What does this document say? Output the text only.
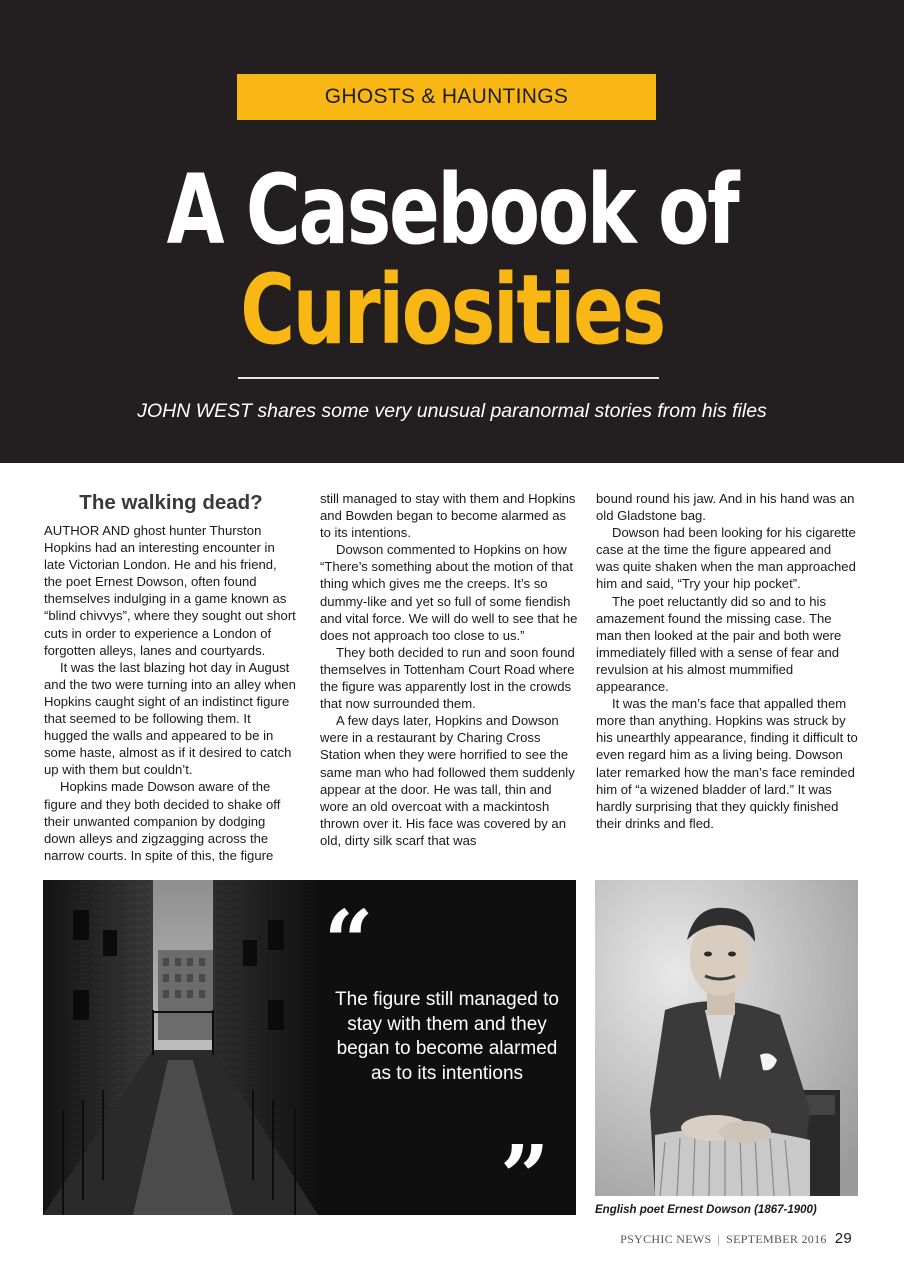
GHOSTS & HAUNTINGS
A Casebook of
Curiosities
JOHN WEST shares some very unusual paranormal stories from his files
The walking dead?

AUTHOR AND ghost hunter Thurston Hopkins had an interesting encounter in late Victorian London. He and his friend, the poet Ernest Dowson, often found themselves indulging in a game known as “blind chivvys”, where they sought out short cuts in order to experience a London of forgotten alleys, lanes and courtyards.

It was the last blazing hot day in August and the two were turning into an alley when Hopkins caught sight of an indistinct figure that seemed to be following them. It hugged the walls and appeared to be in some haste, almost as if it desired to catch up with them but couldn’t.

Hopkins made Dowson aware of the figure and they both decided to shake off their unwanted companion by dodging down alleys and zigzagging across the narrow courts. In spite of this, the figure

still managed to stay with them and Hopkins and Bowden began to become alarmed as to its intentions.

Dowson commented to Hopkins on how “There’s something about the motion of that thing which gives me the creeps. It’s so dummy-like and yet so full of some fiendish and vital force. We will do well to see that he does not approach too close to us.”

They both decided to run and soon found themselves in Tottenham Court Road where the figure was apparently lost in the crowds that now surrounded them.

A few days later, Hopkins and Dowson were in a restaurant by Charing Cross Station when they were horrified to see the same man who had followed them suddenly appear at the door. He was tall, thin and wore an old overcoat with a mackintosh thrown over it. His face was covered by an old, dirty silk scarf that was

bound round his jaw. And in his hand was an old Gladstone bag.

Dowson had been looking for his cigarette case at the time the figure appeared and was quite shaken when the man approached him and said, “Try your hip pocket”.

The poet reluctantly did so and to his amazement found the missing case. The man then looked at the pair and both were immediately filled with a sense of fear and revulsion at his almost mummified appearance.

It was the man’s face that appalled them more than anything. Hopkins was struck by his unearthly appearance, finding it difficult to even regard him as a living being. Dowson later remarked how the man’s face reminded him of “a wizened bladder of lard.” It was hardly surprising that they quickly finished their drinks and fled.

“
The figure still managed to stay with them and they began to become alarmed as to its intentions
”	English poet Ernest Dowson (1867-1900)
PSYCHIC NEWS | SEPTEMBER 2016 29
